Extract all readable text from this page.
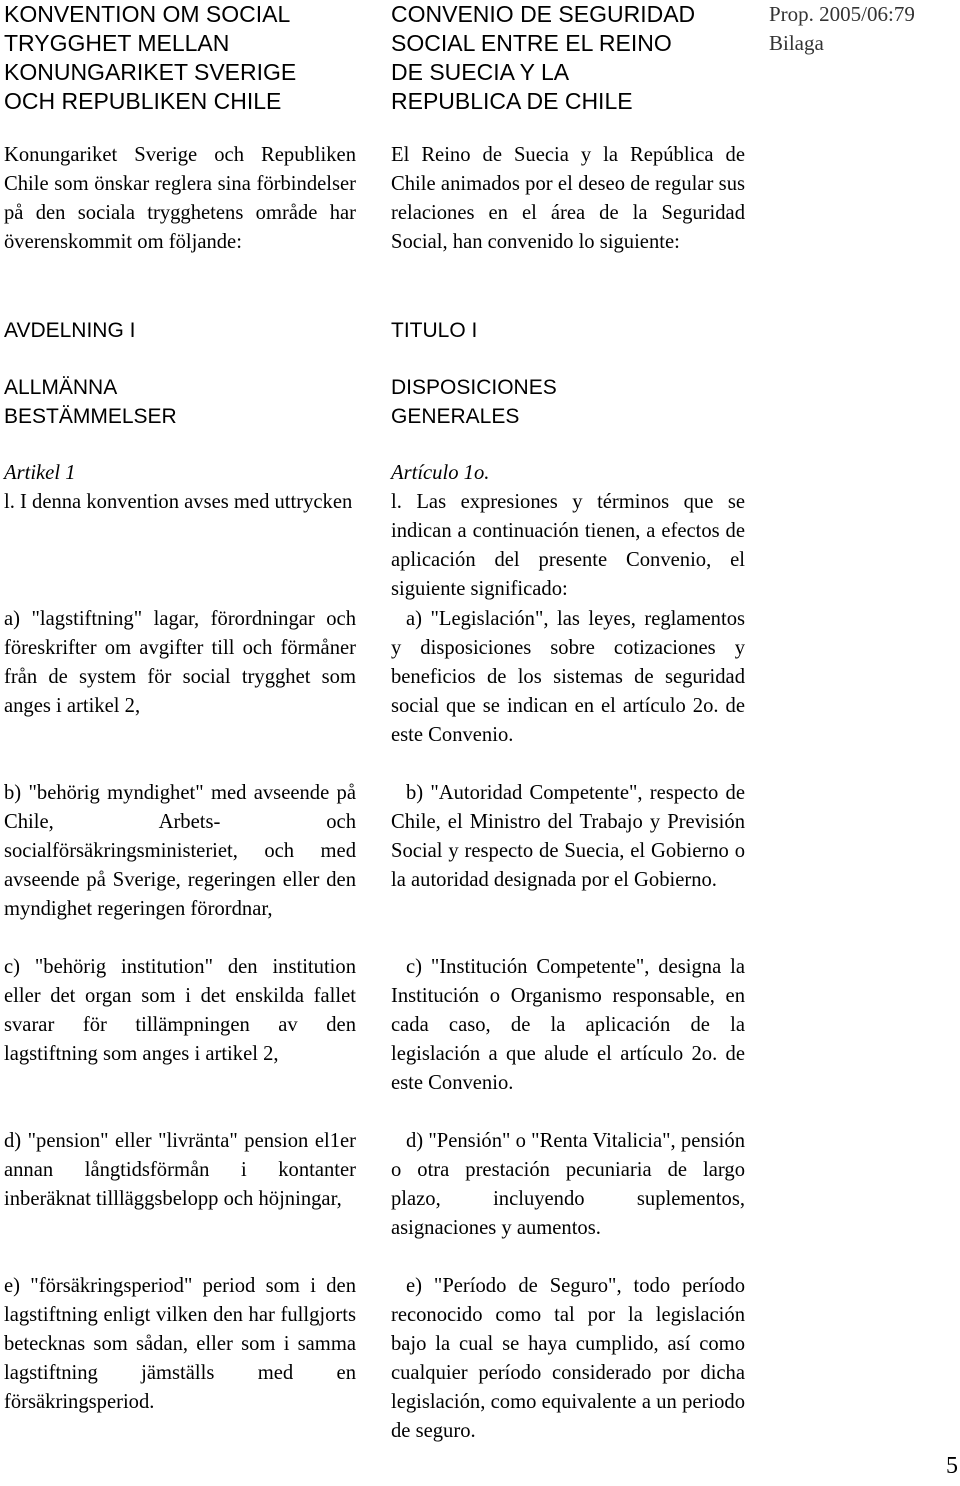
KONVENTION OM SOCIAL

TRYGGHET MELLAN

KONUNGARIKET SVERIGE

OCH REPUBLIKEN CHILE

Konungariket Sverige och Republiken Chile som önskar reglera sina förbindelser på den sociala trygghetens område har överenskommit om följande:

AVDELNING I

ALLMÄNNA

BESTÄMMELSER

Artikel 1

l. I denna konvention avses med uttrycken

a) "lagstiftning" lagar, förordningar och föreskrifter om avgifter till och förmåner från de system för social trygghet som anges i artikel 2,

b) "behörig myndighet" med avseende på Chile, Arbets- och socialförsäkringsministeriet, och med avseende på Sverige, regeringen eller den myndighet regeringen förordnar,

c) "behörig institution" den institution eller det organ som i det enskilda fallet svarar för tillämpningen av den lagstiftning som anges i artikel 2,

d) "pension" eller "livränta" pension el1er annan långtidsförmån i kontanter inberäknat tillläggsbelopp och höjningar,

e) "försäkringsperiod" period som i den lagstiftning enligt vilken den har fullgjorts betecknas som sådan, eller som i samma lagstiftning jämställs med en försäkringsperiod.

CONVENIO DE SEGURIDAD

SOCIAL ENTRE EL REINO

DE SUECIA Y LA

REPUBLICA DE CHILE

El Reino de Suecia y la República de Chile animados por el deseo de regular sus relaciones en el área de la Seguridad Social, han convenido lo siguiente:

TITULO I

DISPOSICIONES

GENERALES

Artículo 1o.

l. Las expresiones y términos que se indican a continuación tienen, a efectos de aplicación del presente Convenio, el siguiente significado:

a) "Legislación", las leyes, reglamentos y disposiciones sobre cotizaciones y beneficios de los sistemas de seguridad social que se indican en el artículo 2o. de este Convenio.

b) "Autoridad Competente", respecto de Chile, el Ministro del Trabajo y Previsión Social y respecto de Suecia, el Gobierno o la autoridad designada por el Gobierno.

c) "Institución Competente", designa la Institución o Organismo responsable, en cada caso, de la aplicación de la legislación a que alude el artículo 2o. de este Convenio.

d) "Pensión" o "Renta Vitalicia", pensión o otra prestación pecuniaria de largo plazo, incluyendo suplementos, asignaciones y aumentos.

e) "Período de Seguro", todo período reconocido como tal por la legislación bajo la cual se haya cumplido, así como cualquier período considerado por dicha legislación, como equivalente a un periodo de seguro.

Prop. 2005/06:79
Bilaga
5
